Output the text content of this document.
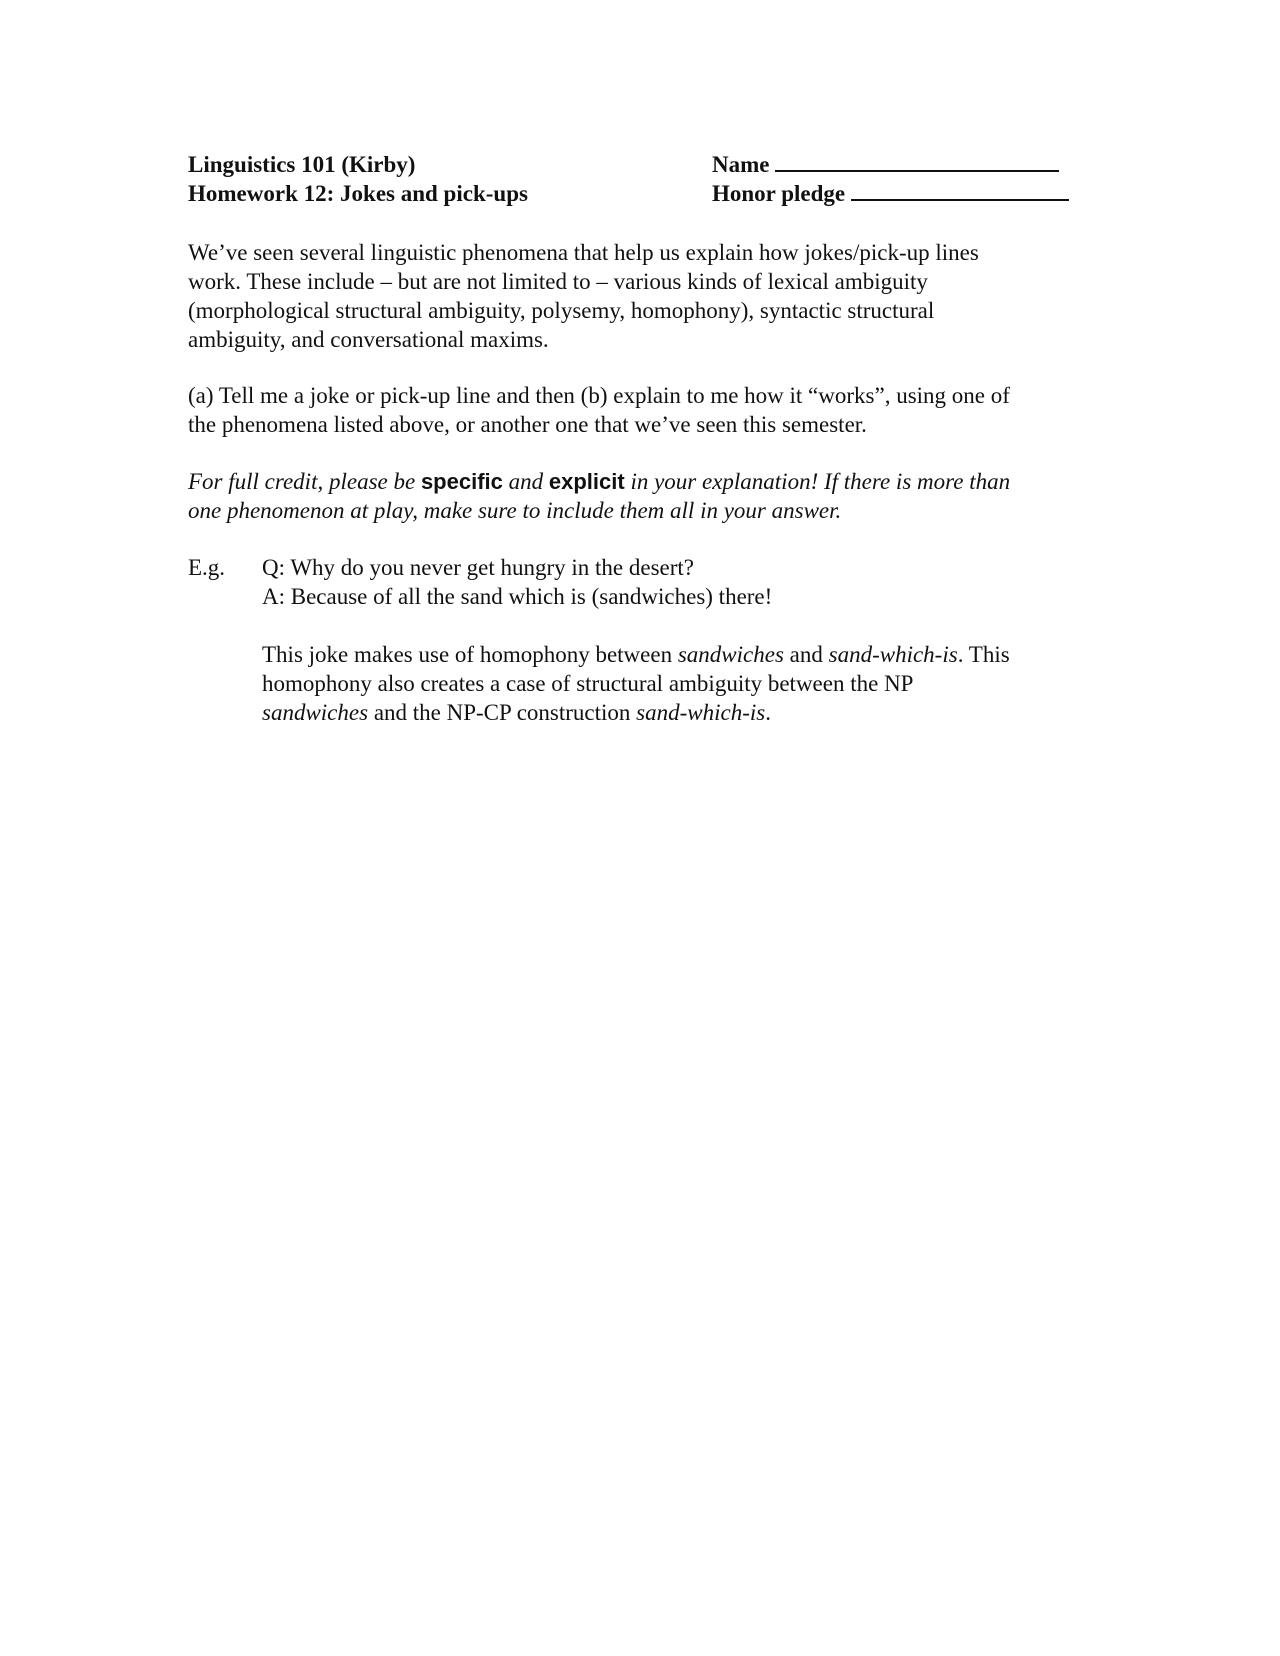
Linguistics 101 (Kirby)	Name
Homework 12: Jokes and pick-ups	Honor pledge

We’ve seen several linguistic phenomena that help us explain how jokes/pick-up lines
work. These include – but are not limited to – various kinds of lexical ambiguity
(morphological structural ambiguity, polysemy, homophony), syntactic structural
ambiguity, and conversational maxims.

(a) Tell me a joke or pick-up line and then (b) explain to me how it “works”, using one of
the phenomena listed above, or another one that we’ve seen this semester.

For full credit, please be specific and explicit in your explanation! If there is more than
one phenomenon at play, make sure to include them all in your answer.

E.g. Q: Why do you never get hungry in the desert?
A: Because of all the sand which is (sandwiches) there!
This joke makes use of homophony between sandwiches and sand-which-is. This
homophony also creates a case of structural ambiguity between the NP
sandwiches and the NP-CP construction sand-which-is.
